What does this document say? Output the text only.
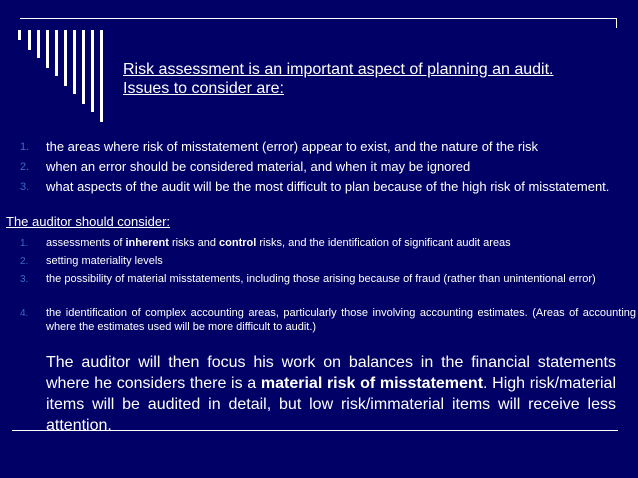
Risk assessment is an important aspect of planning an audit.
Issues to consider are:
1. the areas where risk of misstatement (error) appear to exist, and the nature of the risk
2. when an error should be considered material, and when it may be ignored
3. what aspects of the audit will be the most difficult to plan because of the high risk of misstatement.
The auditor should consider:
1. assessments of inherent risks and control risks, and the identification of significant audit areas
2. setting materiality levels
3. the possibility of material misstatements, including those arising because of fraud (rather than unintentional error)
4. the identification of complex accounting areas, particularly those involving accounting estimates. (Areas of accounting where the estimates used will be more difficult to audit.)
The auditor will then focus his work on balances in the financial statements where he considers there is a material risk of misstatement. High risk/material items will be audited in detail, but low risk/immaterial items will receive less attention.
